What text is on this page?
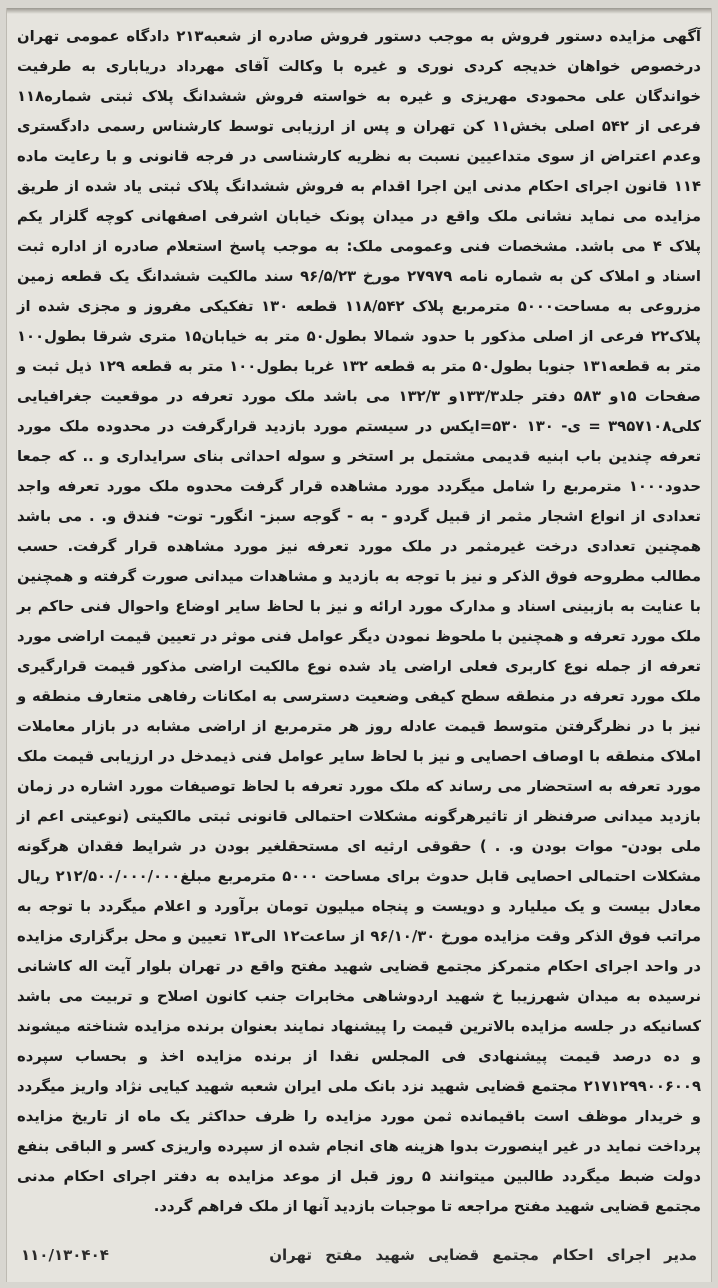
آگهی مزایده دستور فروش به موجب دستور فروش صادره از شعبه۲۱۳ دادگاه عمومی تهران درخصوص خواهان خدیجه کردی نوری و غیره با وکالت آقای مهرداد دریاباری به طرفیت خواندگان علی محمودی مهریزی و غیره به خواسته فروش ششدانگ پلاک ثبتی شماره۱۱۸ فرعی از ۵۴۲ اصلی بخش۱۱ کن تهران و پس از ارزیابی توسط کارشناس رسمی دادگستری وعدم اعتراض از سوی متداعیین نسبت به نظریه کارشناسی در فرجه قانونی و با رعایت ماده ۱۱۴ قانون اجرای احکام مدنی این اجرا اقدام به فروش ششدانگ پلاک ثبتی یاد شده از طریق مزایده می نماید نشانی ملک واقع در میدان پونک خیابان اشرفی اصفهانی کوچه گلزار یکم پلاک ۴ می باشد. مشخصات فنی وعمومی ملک: به موجب پاسخ استعلام صادره از اداره ثبت اسناد و املاک کن به شماره نامه ۲۷۹۷۹ مورخ ۹۶/۵/۲۳ سند مالکیت ششدانگ یک قطعه زمین مزروعی به مساحت۵۰۰۰ مترمربع پلاک ۱۱۸/۵۴۲ قطعه ۱۳۰ تفکیکی مفروز و مجزی شده از پلاک۲۲ فرعی از اصلی مذکور با حدود شمالا بطول۵۰ متر به خیابان۱۵ متری شرقا بطول۱۰۰ متر به قطعه۱۳۱ جنوبا بطول۵۰ متر به قطعه ۱۳۲ غربا بطول۱۰۰ متر به قطعه ۱۲۹ ذیل ثبت و صفحات ۱۵و ۵۸۳ دفتر جلد۱۳۳/۳و ۱۳۲/۳ می باشد ملک مورد تعرفه در موقعیت جغرافیایی کلی۳۹۵۷۱۰۸ = ی- ۱۳۰ ۵۳۰=ایکس در سیستم مورد بازدید قرارگرفت در محدوده ملک مورد تعرفه چندین باب ابنیه قدیمی مشتمل بر استخر و سوله احداثی بنای سرایداری و .. که جمعا حدود۱۰۰۰ مترمربع را شامل میگردد مورد مشاهده قرار گرفت محدوه ملک مورد تعرفه واجد تعدادی از انواع اشجار مثمر از قبیل گردو - به - گوجه سبز- انگور- توت- فندق و. . می باشد همچنین تعدادی درخت غیرمثمر در ملک مورد تعرفه نیز مورد مشاهده قرار گرفت. حسب مطالب مطروحه فوق الذکر و نیز با توجه به بازدید و مشاهدات میدانی صورت گرفته و همچنین با عنایت به بازبینی اسناد و مدارک مورد ارائه و نیز با لحاظ سایر اوضاع واحوال فنی حاکم بر ملک مورد تعرفه و همچنین با ملحوظ نمودن دیگر عوامل فنی موثر در تعیین قیمت اراضی مورد تعرفه از جمله نوع کاربری فعلی اراضی یاد شده نوع مالکیت اراضی مذکور قیمت قرارگیری ملک مورد تعرفه در منطقه سطح کیفی وضعیت دسترسی به امکانات رفاهی متعارف منطقه و نیز با در نظرگرفتن متوسط قیمت عادله روز هر مترمربع از اراضی مشابه در بازار معاملات املاک منطقه با اوصاف احصایی و نیز با لحاظ سایر عوامل فنی ذیمدخل در ارزیابی قیمت ملک مورد تعرفه به استحضار می رساند که ملک مورد تعرفه با لحاظ توصیفات مورد اشاره در زمان بازدید میدانی صرفنظر از تاثیرهرگونه مشکلات احتمالی قانونی ثبتی مالکیتی (نوعیتی اعم از ملی بودن- موات بودن و. . ) حقوقی ارثیه ای مستحقلغیر بودن در شرایط فقدان هرگونه مشکلات احتمالی احصایی قابل حدوث برای مساحت ۵۰۰۰ مترمربع مبلغ۲۱۲/۵۰۰/۰۰۰/۰۰۰ ریال معادل بیست و یک میلیارد و دویست و پنجاه میلیون تومان برآورد و اعلام میگردد با توجه به مراتب فوق الذکر وقت مزایده مورخ ۹۶/۱۰/۳۰ از ساعت۱۲ الی۱۳ تعیین و محل برگزاری مزایده در واحد اجرای احکام متمرکز مجتمع قضایی شهید مفتح واقع در تهران بلوار آیت اله کاشانی نرسیده به میدان شهرزیبا خ شهید اردوشاهی مخابرات جنب کانون اصلاح و تربیت می باشد کسانیکه در جلسه مزایده بالاترین قیمت را پیشنهاد نمایند بعنوان برنده مزایده شناخته میشوند و ده درصد قیمت پیشنهادی فی المجلس نقدا از برنده مزایده اخذ و بحساب سپرده ۲۱۷۱۲۹۹۰۰۶۰۰۹ مجتمع قضایی شهید نزد بانک ملی ایران شعبه شهید کیایی نژاد واریز میگردد و خریدار موظف است باقیمانده ثمن مورد مزایده را ظرف حداکثر یک ماه از تاریخ مزایده پرداخت نماید در غیر اینصورت بدوا هزینه های انجام شده از سپرده واریزی کسر و الباقی بنفع دولت ضبط میگردد طالبین میتوانند ۵ روز قبل از موعد مزایده به دفتر اجرای احکام مدنی مجتمع قضایی شهید مفتح مراجعه تا موجبات بازدید آنها از ملک فراهم گردد.

مدیر اجرای احکام مجتمع قضایی شهید مفتح تهران
۱۱۰/۱۳۰۴۰۴
